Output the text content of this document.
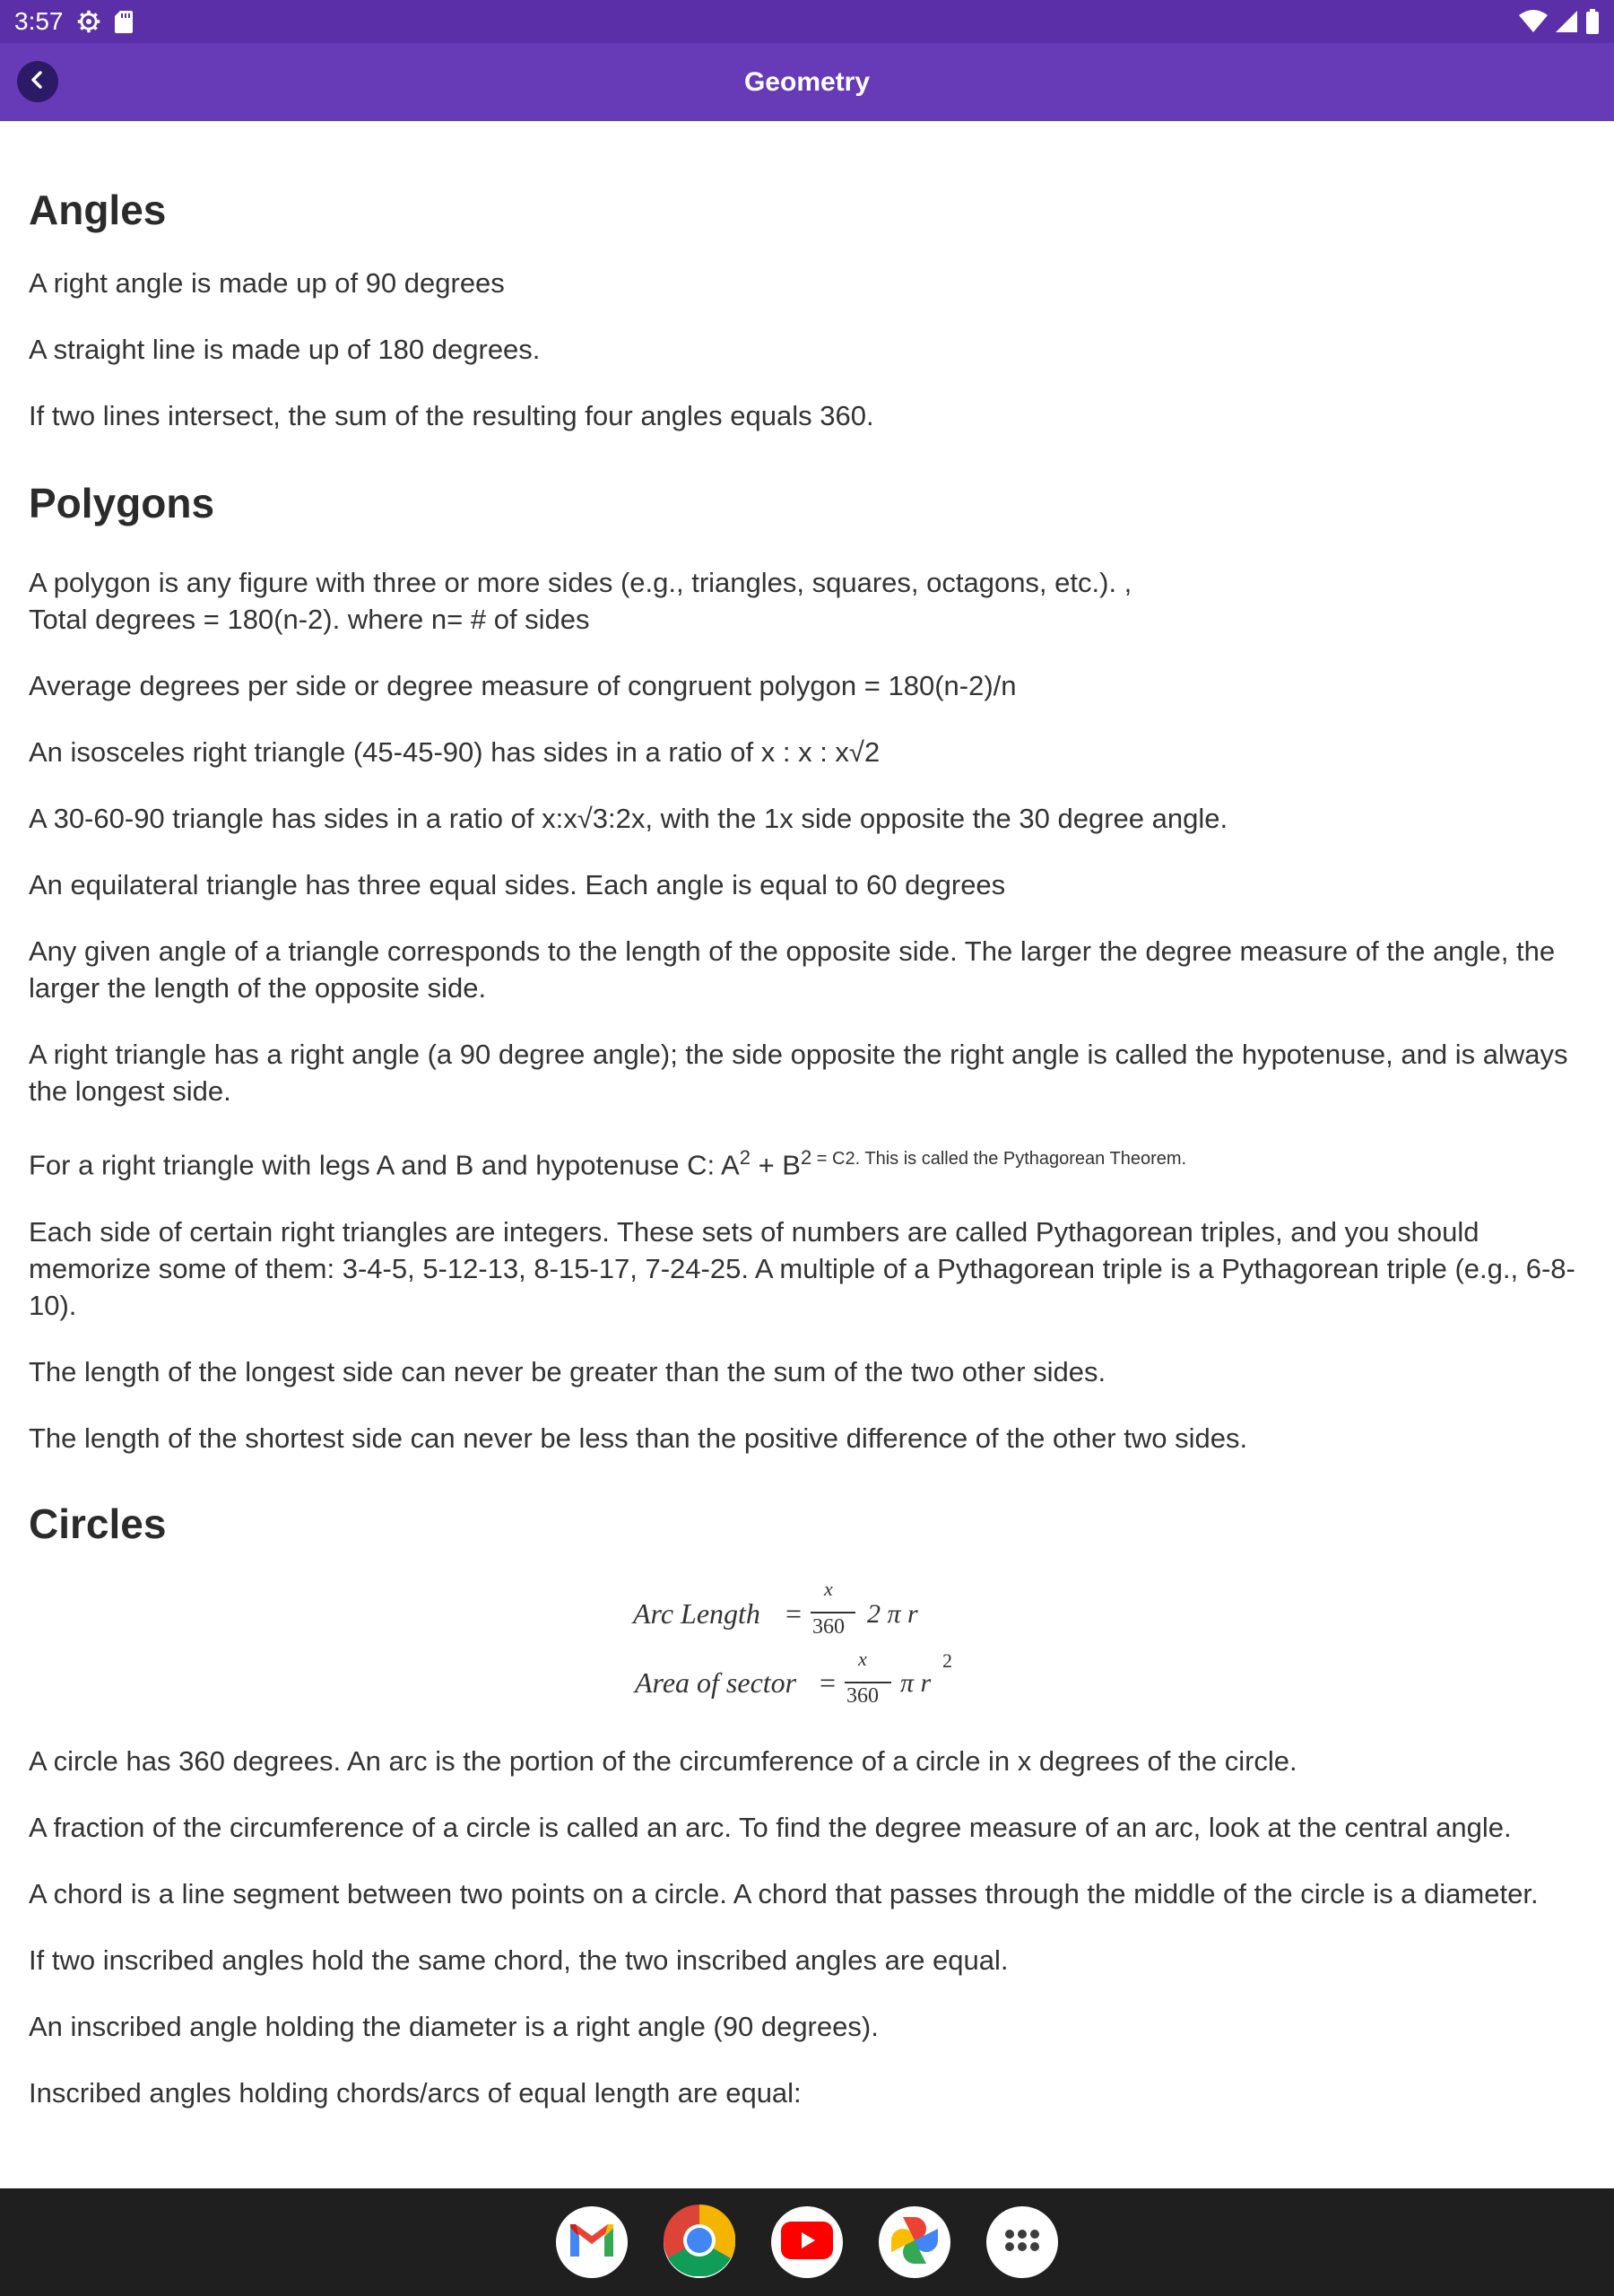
3:57
Geometry
Angles

A right angle is made up of 90 degrees

A straight line is made up of 180 degrees.

If two lines intersect, the sum of the resulting four angles equals 360.

Polygons

A polygon is any figure with three or more sides (e.g., triangles, squares, octagons, etc.). ,
Total degrees = 180(n-2). where n= # of sides

Average degrees per side or degree measure of congruent polygon = 180(n-2)/n

An isosceles right triangle (45-45-90) has sides in a ratio of x : x : x√2

A 30-60-90 triangle has sides in a ratio of x:x√3:2x, with the 1x side opposite the 30 degree angle.

An equilateral triangle has three equal sides. Each angle is equal to 60 degrees

Any given angle of a triangle corresponds to the length of the opposite side. The larger the degree measure of the angle, the larger the length of the opposite side.

A right triangle has a right angle (a 90 degree angle); the side opposite the right angle is called the hypotenuse, and is always the longest side.

For a right triangle with legs A and B and hypotenuse C: $A^2 + B^2$ $^{= C2. This is called the Pythagorean Theorem.}$

Each side of certain right triangles are integers. These sets of numbers are called Pythagorean triples, and you should memorize some of them: 3-4-5, 5-12-13, 8-15-17, 7-24-25. A multiple of a Pythagorean triple is a Pythagorean triple (e.g., 6-8-10).

The length of the longest side can never be greater than the sum of the two other sides.

The length of the shortest side can never be less than the positive difference of the other two sides.

Circles
Arc Length =
x
360 2 π r
Area of sector =
x
360 π r
2

A circle has 360 degrees. An arc is the portion of the circumference of a circle in x degrees of the circle.

A fraction of the circumference of a circle is called an arc. To find the degree measure of an arc, look at the central angle.

A chord is a line segment between two points on a circle. A chord that passes through the middle of the circle is a diameter.

If two inscribed angles hold the same chord, the two inscribed angles are equal.

An inscribed angle holding the diameter is a right angle (90 degrees).

Inscribed angles holding chords/arcs of equal length are equal:
